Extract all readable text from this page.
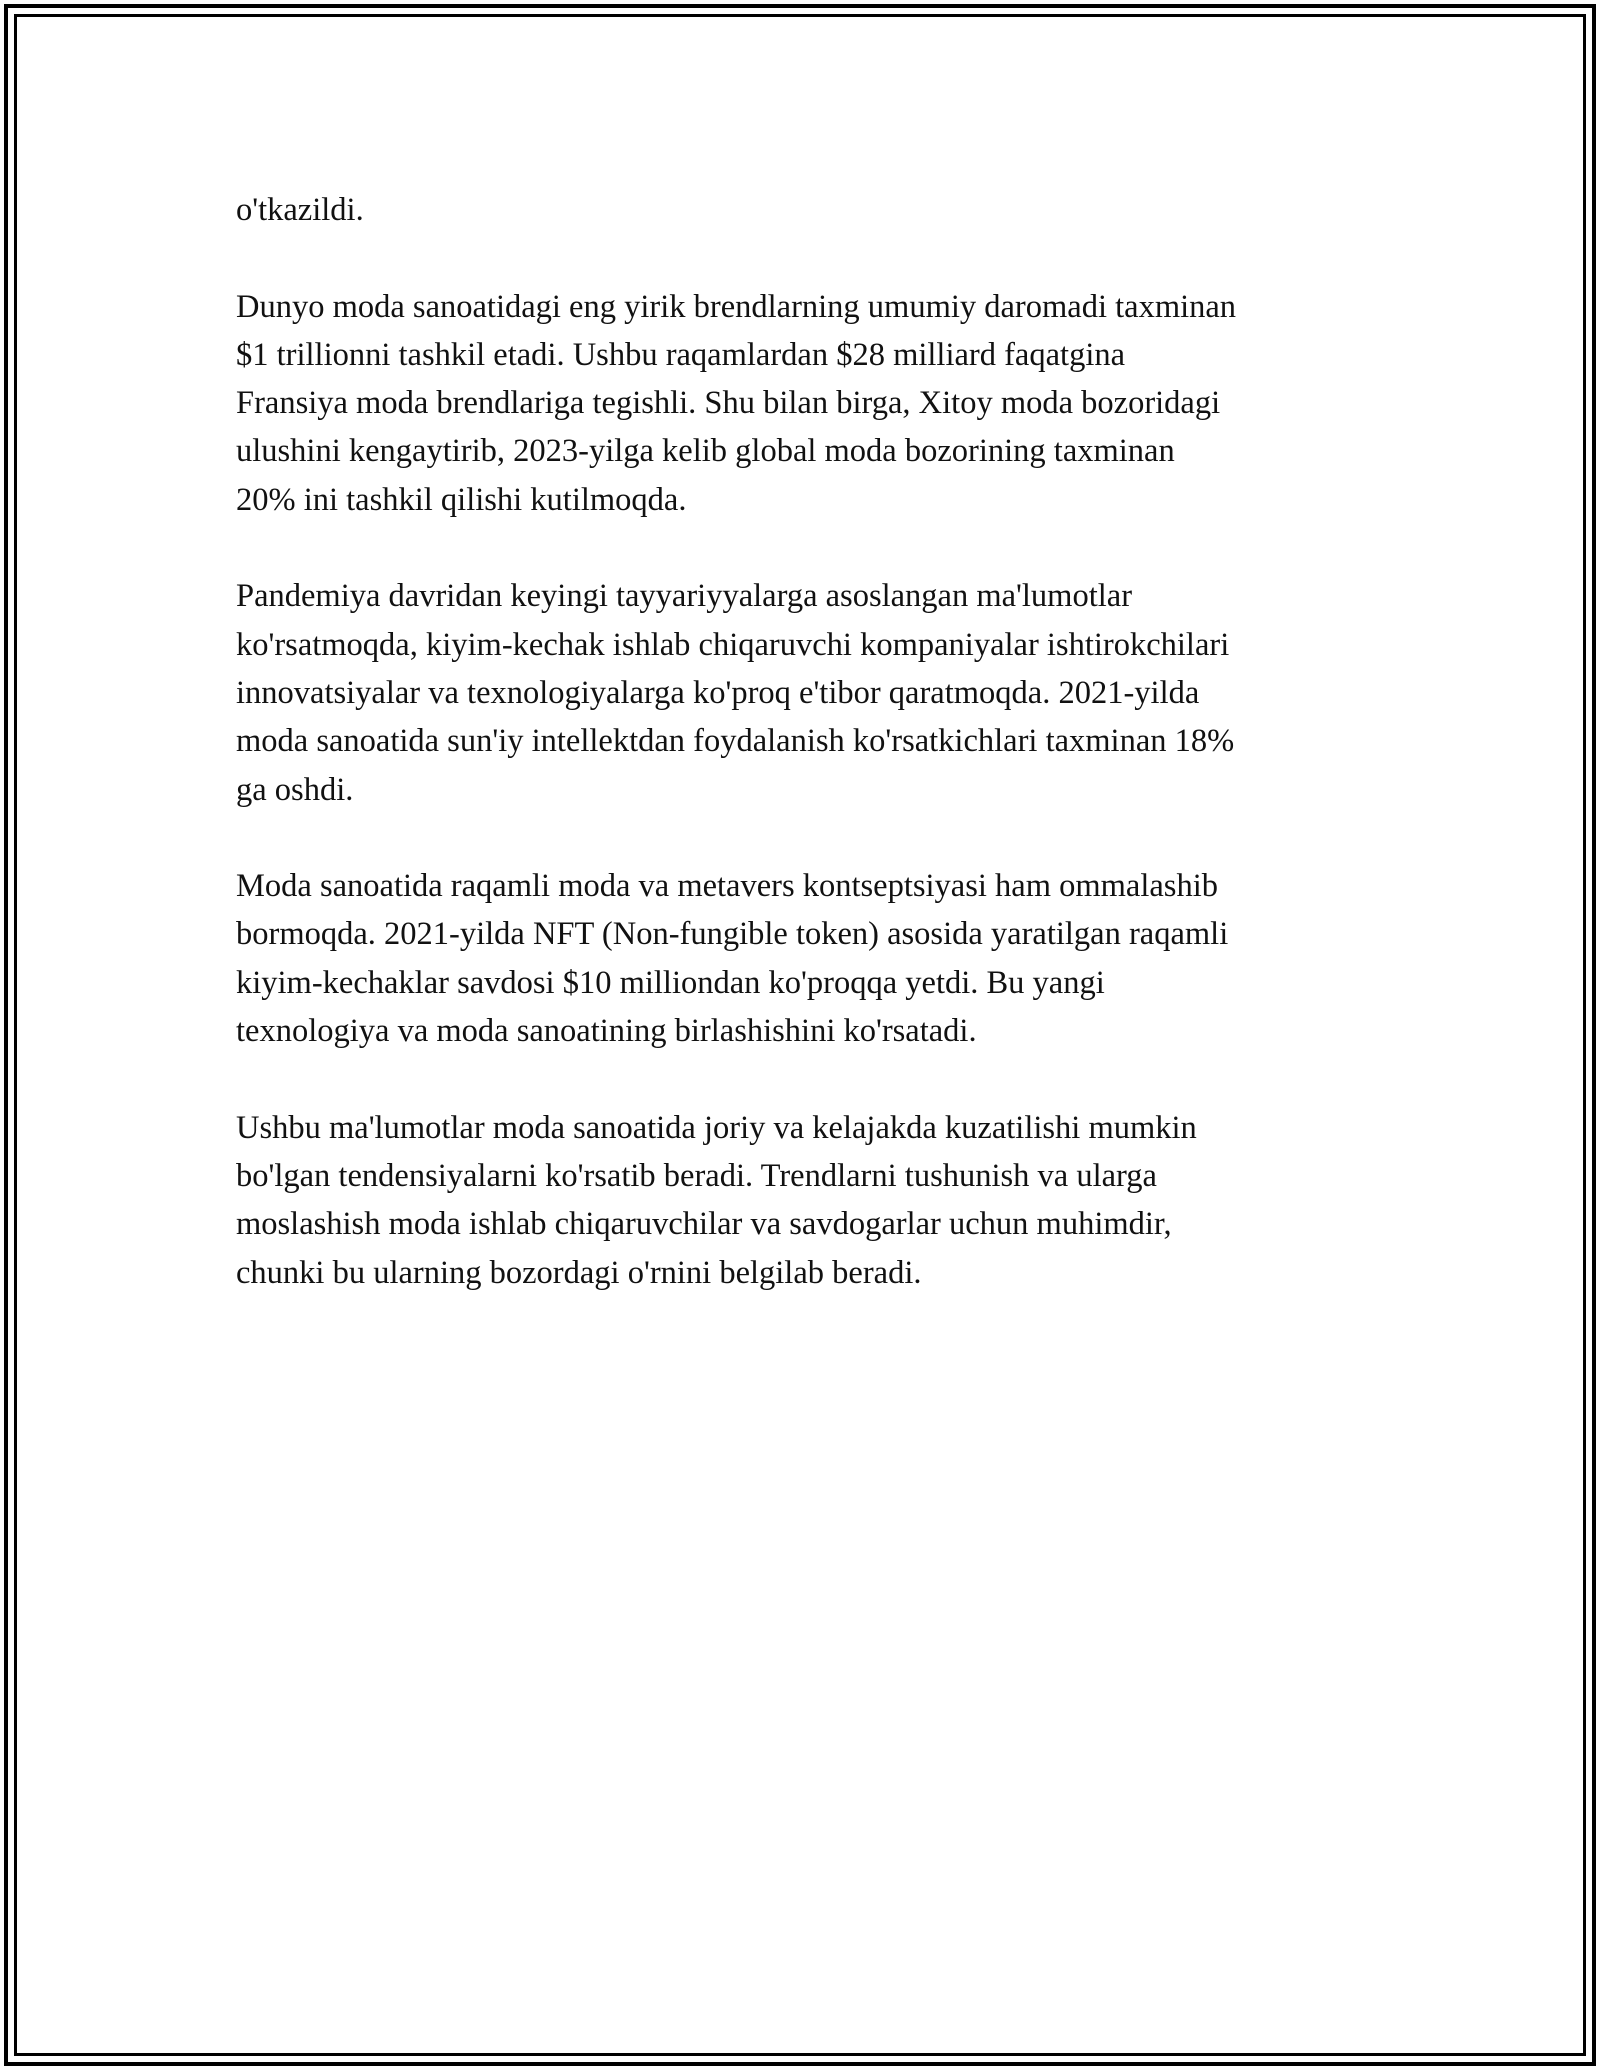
o'tkazildi.

Dunyo moda sanoatidagi eng yirik brendlarning umumiy daromadi taxminan
$1 trillionni tashkil etadi. Ushbu raqamlardan $28 milliard faqatgina
Fransiya moda brendlariga tegishli. Shu bilan birga, Xitoy moda bozoridagi
ulushini kengaytirib, 2023-yilga kelib global moda bozorining taxminan
20% ini tashkil qilishi kutilmoqda.

Pandemiya davridan keyingi tayyariyyalarga asoslangan ma'lumotlar
ko'rsatmoqda, kiyim-kechak ishlab chiqaruvchi kompaniyalar ishtirokchilari
innovatsiyalar va texnologiyalarga ko'proq e'tibor qaratmoqda. 2021-yilda
moda sanoatida sun'iy intellektdan foydalanish ko'rsatkichlari taxminan 18%
ga oshdi.

Moda sanoatida raqamli moda va metavers kontseptsiyasi ham ommalashib
bormoqda. 2021-yilda NFT (Non-fungible token) asosida yaratilgan raqamli
kiyim-kechaklar savdosi $10 milliondan ko'proqqa yetdi. Bu yangi
texnologiya va moda sanoatining birlashishini ko'rsatadi.

Ushbu ma'lumotlar moda sanoatida joriy va kelajakda kuzatilishi mumkin
bo'lgan tendensiyalarni ko'rsatib beradi. Trendlarni tushunish va ularga
moslashish moda ishlab chiqaruvchilar va savdogarlar uchun muhimdir,
chunki bu ularning bozordagi o'rnini belgilab beradi.
